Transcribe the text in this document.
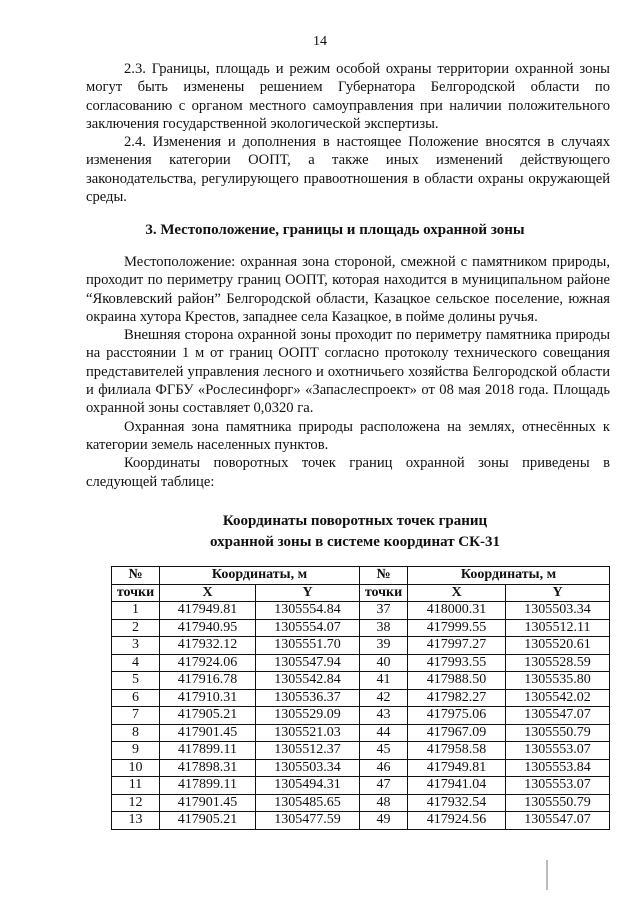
14

2.3. Границы, площадь и режим особой охраны территории охранной зоны могут быть изменены решением Губернатора Белгородской области по согласованию с органом местного самоуправления при наличии положительного заключения государственной экологической экспертизы.

2.4. Изменения и дополнения в настоящее Положение вносятся в случаях изменения категории ООПТ, а также иных изменений действующего законодательства, регулирующего правоотношения в области охраны окружающей среды.

3. Местоположение, границы и площадь охранной зоны

Местоположение: охранная зона стороной, смежной с памятником природы, проходит по периметру границ ООПТ, которая находится в муниципальном районе “Яковлевский район” Белгородской области, Казацкое сельское поселение, южная окраина хутора Крестов, западнее села Казацкое, в пойме долины ручья.

Внешняя сторона охранной зоны проходит по периметру памятника природы на расстоянии 1 м от границ ООПТ согласно протоколу технического совещания представителей управления лесного и охотничьего хозяйства Белгородской области и филиала ФГБУ «Рослесинфорг» «Запаслеспроект» от 08 мая 2018 года. Площадь охранной зоны составляет 0,0320 га.

Охранная зона памятника природы расположена на землях, отнесённых к категории земель населенных пунктов.

Координаты поворотных точек границ охранной зоны приведены в следующей таблице:

Координаты поворотных точек границ
охранной зоны в системе координат СК-31
№	Координаты, м		№	Координаты, м	
точки	X	Y	точки	X	Y
1	417949.81	1305554.84	37	418000.31	1305503.34
2	417940.95	1305554.07	38	417999.55	1305512.11
3	417932.12	1305551.70	39	417997.27	1305520.61
4	417924.06	1305547.94	40	417993.55	1305528.59
5	417916.78	1305542.84	41	417988.50	1305535.80
6	417910.31	1305536.37	42	417982.27	1305542.02
7	417905.21	1305529.09	43	417975.06	1305547.07
8	417901.45	1305521.03	44	417967.09	1305550.79
9	417899.11	1305512.37	45	417958.58	1305553.07
10	417898.31	1305503.34	46	417949.81	1305553.84
11	417899.11	1305494.31	47	417941.04	1305553.07
12	417901.45	1305485.65	48	417932.54	1305550.79
13	417905.21	1305477.59	49	417924.56	1305547.07
